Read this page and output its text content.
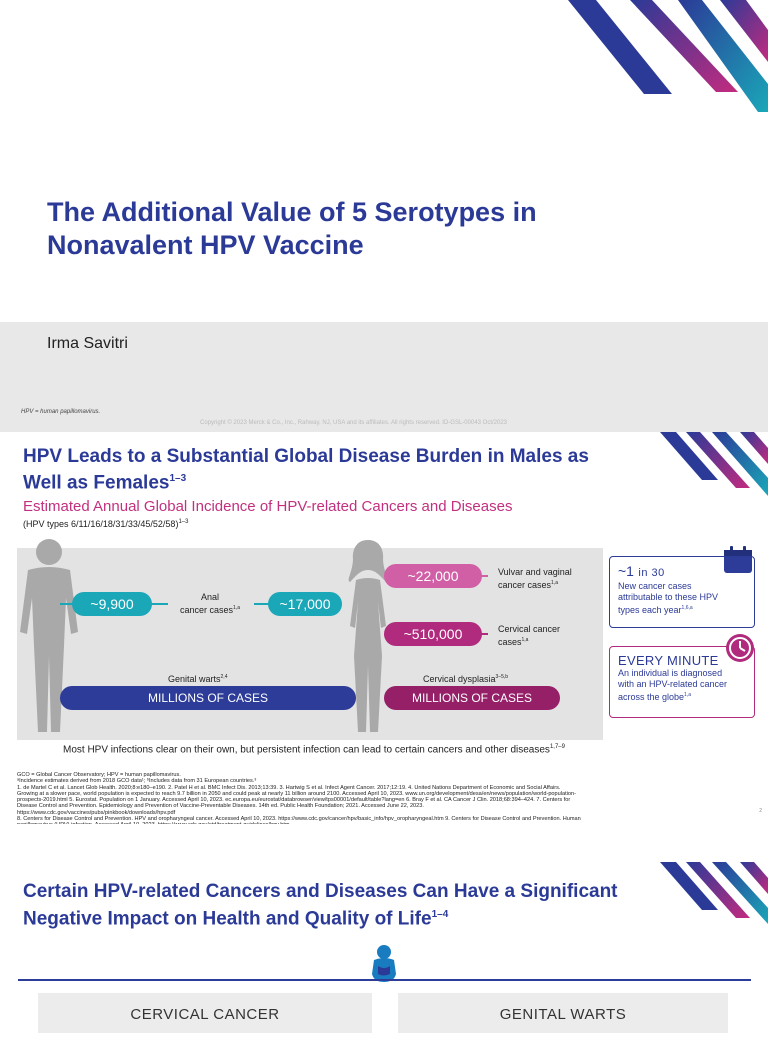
The Additional Value of 5 Serotypes in Nonavalent HPV Vaccine
Irma Savitri
HPV = human papillomavirus.
Copyright © 2023 Merck & Co., Inc., Rahway, NJ, USA and its affiliates. All rights reserved. ID-GSL-00043 Oct/2023
HPV Leads to a Substantial Global Disease Burden in Males as Well as Females$^{1-3}$
Estimated Annual Global Incidence of HPV-related Cancers and Diseases
(HPV types 6/11/16/18/31/33/45/52/58)$^{1-3}$
~9,900	Anal
cancer cases$^{1,a}$	~17,000
~22,000	Vulvar and vaginal
cancer cases$^{1,a}$
~510,000	Cervical cancer
cases$^{1,a}$
Genital warts$^{2,4}$
MILLIONS OF CASES
Cervical dysplasia$^{3-5,b}$
MILLIONS OF CASES
~1 in 30
New cancer cases
attributable to these HPV
types each year$^{1,6,a}$
EVERY MINUTE
An individual is diagnosed
with an HPV-related cancer
across the globe$^{1,a}$
Most HPV infections clear on their own, but persistent infection can lead to certain cancers and other diseases$^{1,7-9}$
GCO = Global Cancer Observatory; HPV = human papillomavirus.
ᵃIncidence estimates derived from 2018 GCO data¹; ᵇIncludes data from 31 European countries.³
1. de Martel C et al. Lancet Glob Health. 2020;8:e180–e190. 2. Patel H et al. BMC Infect Dis. 2013;13:39. 3. Hartwig S et al. Infect Agent Cancer. 2017;12:19. 4. United Nations Department of Economic and Social Affairs.
Growing at a slower pace, world population is expected to reach 9.7 billion in 2050 and could peak at nearly 11 billion around 2100. Accessed April 10, 2023. www.un.org/development/desa/en/news/population/world-population-
prospects-2019.html 5. Eurostat. Population on 1 January. Accessed April 10, 2023. ec.europa.eu/eurostat/databrowser/view/tps00001/default/table?lang=en 6. Bray F et al. CA Cancer J Clin. 2018;68:394–424. 7. Centers for
Disease Control and Prevention. Epidemiology and Prevention of Vaccine-Preventable Diseases. 14th ed. Public Health Foundation; 2021. Accessed June 22, 2023.
https://www.cdc.gov/vaccines/pubs/pinkbook/downloads/hpv.pdf
8. Centers for Disease Control and Prevention. HPV and oropharyngeal cancer. Accessed April 10, 2023. https://www.cdc.gov/cancer/hpv/basic_info/hpv_oropharyngeal.htm 9. Centers for Disease Control and Prevention. Human
2
Certain HPV-related Cancers and Diseases Can Have a Significant Negative Impact on Health and Quality of Life$^{1-4}$
CERVICAL CANCER	GENITAL WARTS
